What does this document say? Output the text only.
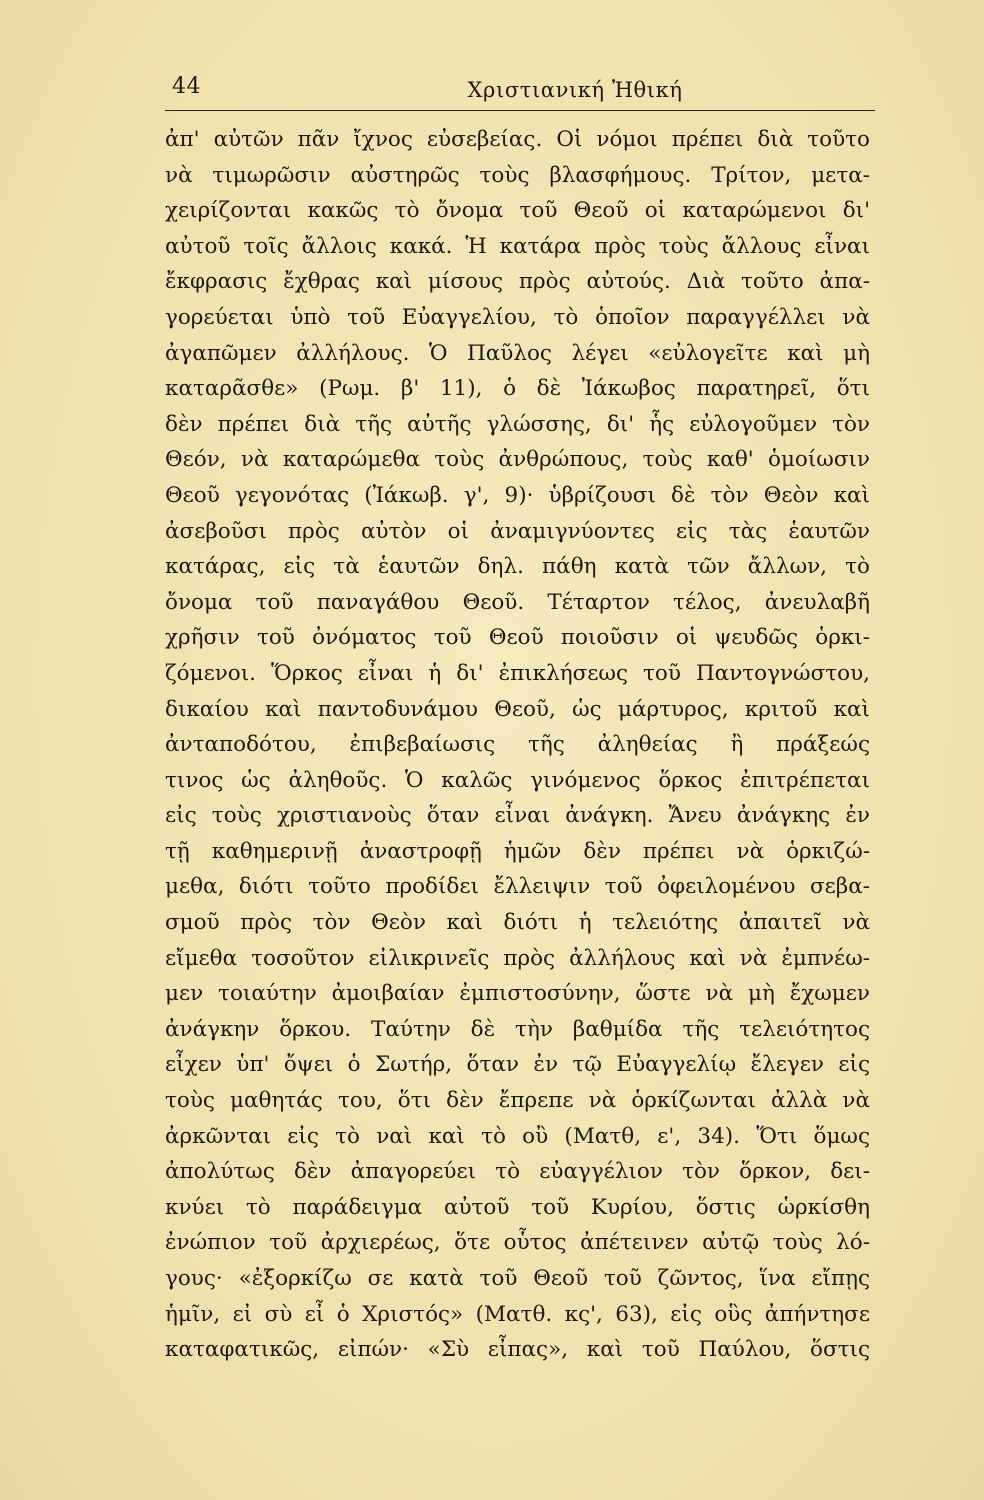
44	Χριστιανική Ἠθική
ἀπ' αὐτῶν πᾶν ἴχνος εὐσεβείας. Οἱ νόμοι πρέπει διὰ τοῦτο
νὰ τιμωρῶσιν αὐστηρῶς τοὺς βλασφήμους. Τρίτον, μετα-
χειρίζονται κακῶς τὸ ὄνομα τοῦ Θεοῦ οἱ καταρώμενοι δι'
αὐτοῦ τοῖς ἄλλοις κακά. Ἡ κατάρα πρὸς τοὺς ἄλλους εἶναι
ἔκφρασις ἔχθρας καὶ μίσους πρὸς αὐτούς. Διὰ τοῦτο ἀπα-
γορεύεται ὑπὸ τοῦ Εὐαγγελίου, τὸ ὁποῖον παραγγέλλει νὰ
ἀγαπῶμεν ἀλλήλους. Ὁ Παῦλος λέγει «εὐλογεῖτε καὶ μὴ
καταρᾶσθε» (Ρωμ. β' 11), ὁ δὲ Ἰάκωβος παρατηρεῖ, ὅτι
δὲν πρέπει διὰ τῆς αὐτῆς γλώσσης, δι' ἧς εὐλογοῦμεν τὸν
Θεόν, νὰ καταρώμεθα τοὺς ἀνθρώπους, τοὺς καθ' ὁμοίωσιν
Θεοῦ γεγονότας (Ἰάκωβ. γ', 9)· ὑβρίζουσι δὲ τὸν Θεὸν καὶ
ἀσεβοῦσι πρὸς αὐτὸν οἱ ἀναμιγνύοντες εἰς τὰς ἑαυτῶν
κατάρας, εἰς τὰ ἑαυτῶν δηλ. πάθη κατὰ τῶν ἄλλων, τὸ
ὄνομα τοῦ παναγάθου Θεοῦ. Τέταρτον τέλος, ἀνευλαβῆ
χρῆσιν τοῦ ὀνόματος τοῦ Θεοῦ ποιοῦσιν οἱ ψευδῶς ὁρκι-
ζόμενοι. Ὅρκος εἶναι ἡ δι' ἐπικλήσεως τοῦ Παντογνώστου,
δικαίου καὶ παντοδυνάμου Θεοῦ, ὡς μάρτυρος, κριτοῦ καὶ
ἀνταποδότου, ἐπιβεβαίωσις τῆς ἀληθείας ἢ πράξεώς
τινος ὡς ἀληθοῦς. Ὁ καλῶς γινόμενος ὅρκος ἐπιτρέπεται
εἰς τοὺς χριστιανοὺς ὅταν εἶναι ἀνάγκη. Ἄνευ ἀνάγκης ἐν
τῇ καθημερινῇ ἀναστροφῇ ἡμῶν δὲν πρέπει νὰ ὁρκιζώ-
μεθα, διότι τοῦτο προδίδει ἔλλειψιν τοῦ ὀφειλομένου σεβα-
σμοῦ πρὸς τὸν Θεὸν καὶ διότι ἡ τελειότης ἀπαιτεῖ νὰ
εἴμεθα τοσοῦτον εἰλικρινεῖς πρὸς ἀλλήλους καὶ νὰ ἐμπνέω-
μεν τοιαύτην ἀμοιβαίαν ἐμπιστοσύνην, ὥστε νὰ μὴ ἔχωμεν
ἀνάγκην ὅρκου. Ταύτην δὲ τὴν βαθμίδα τῆς τελειότητος
εἶχεν ὑπ' ὄψει ὁ Σωτήρ, ὅταν ἐν τῷ Εὐαγγελίῳ ἔλεγεν εἰς
τοὺς μαθητάς του, ὅτι δὲν ἔπρεπε νὰ ὁρκίζωνται ἀλλὰ νὰ
ἀρκῶνται εἰς τὸ ναὶ καὶ τὸ οὒ (Ματθ, ε', 34). Ὅτι ὅμως
ἀπολύτως δὲν ἀπαγορεύει τὸ εὐαγγέλιον τὸν ὅρκον, δει-
κνύει τὸ παράδειγμα αὐτοῦ τοῦ Κυρίου, ὅστις ὡρκίσθη
ἐνώπιον τοῦ ἀρχιερέως, ὅτε οὗτος ἀπέτεινεν αὐτῷ τοὺς λό-
γους· «ἐξορκίζω σε κατὰ τοῦ Θεοῦ τοῦ ζῶντος, ἵνα εἴπῃς
ἡμῖν, εἰ σὺ εἶ ὁ Χριστός» (Ματθ. κς', 63), εἰς οὓς ἀπήντησε
καταφατικῶς, εἰπών· «Σὺ εἶπας», καὶ τοῦ Παύλου, ὅστις
